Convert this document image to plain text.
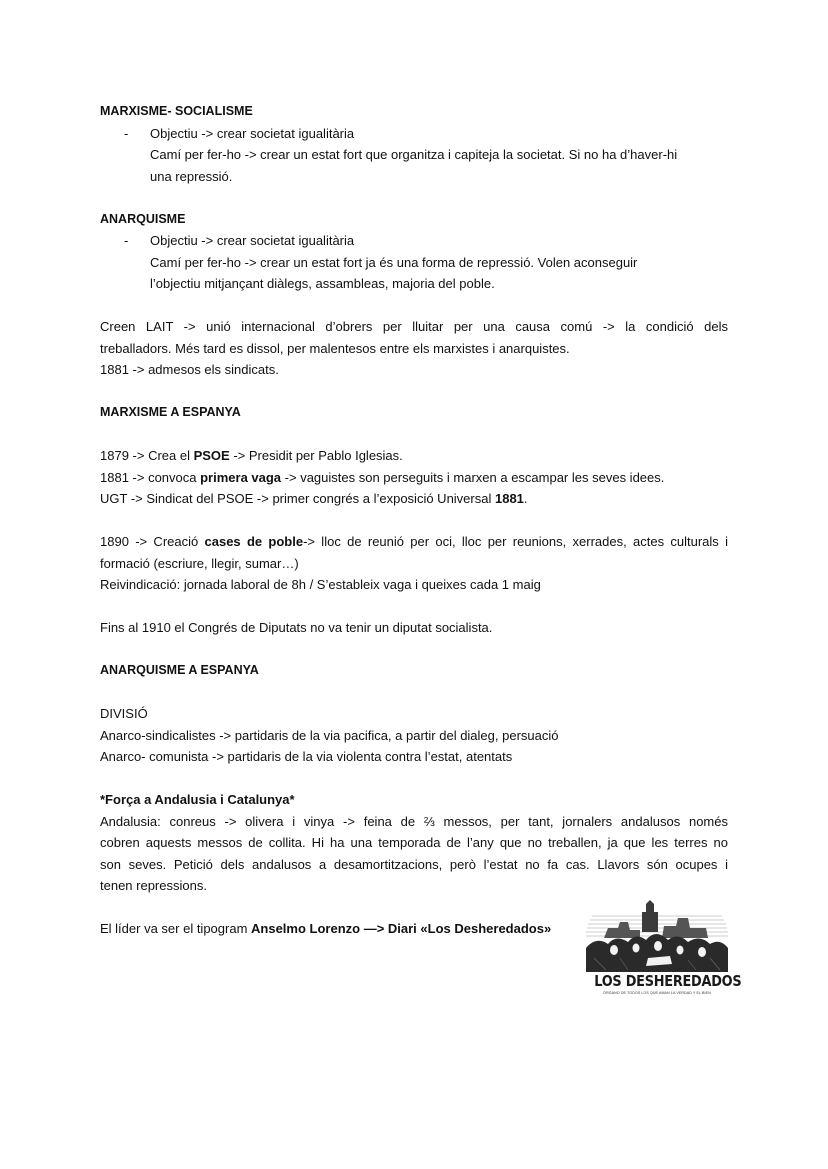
MARXISME- SOCIALISME

- Objectiu -> crear societat igualitària

Camí per fer-ho -> crear un estat fort que organitza i capiteja la societat. Si no ha d’haver-hi

una repressió.

ANARQUISME

- Objectiu -> crear societat igualitària

Camí per fer-ho -> crear un estat fort ja és una forma de repressió. Volen aconseguir

l’objectiu mitjançant diàlegs, assambleas, majoria del poble.

Creen LAIT -> unió internacional d’obrers per lluitar per una causa comú -> la condició dels

treballadors. Més tard es dissol, per malentesos entre els marxistes i anarquistes.

1881 -> admesos els sindicats.

MARXISME A ESPANYA

1879 -> Crea el PSOE -> Presidit per Pablo Iglesias.

1881 -> convoca primera vaga -> vaguistes son perseguits i marxen a escampar les seves idees.

UGT -> Sindicat del PSOE -> primer congrés a l’exposició Universal 1881.

1890 -> Creació cases de poble-> lloc de reunió per oci, lloc per reunions, xerrades, actes culturals i

formació (escriure, llegir, sumar…)

Reivindicació: jornada laboral de 8h / S’estableix vaga i queixes cada 1 maig

Fins al 1910 el Congrés de Diputats no va tenir un diputat socialista.

ANARQUISME A ESPANYA

DIVISIÓ

Anarco-sindicalistes -> partidaris de la via pacifica, a partir del dialeg, persuació

Anarco- comunista -> partidaris de la via violenta contra l’estat, atentats

*Força a Andalusia i Catalunya*

Andalusia: conreus -> olivera i vinya -> feina de ⅔ messos, per tant, jornalers andalusos només

cobren aquests messos de collita. Hi ha una temporada de l’any que no treballen, ja que les terres no

son seves. Petició dels andalusos a desamortitzacions, però l’estat no fa cas. Llavors són ocupes i

tenen repressions.

El líder va ser el tipogram Anselmo Lorenzo —> Diari «Los Desheredados»

LOS DESHEREDADOS
ÓRGANO DE TODOS LOS QUE AMAN LA VERDAD Y EL BIEN
